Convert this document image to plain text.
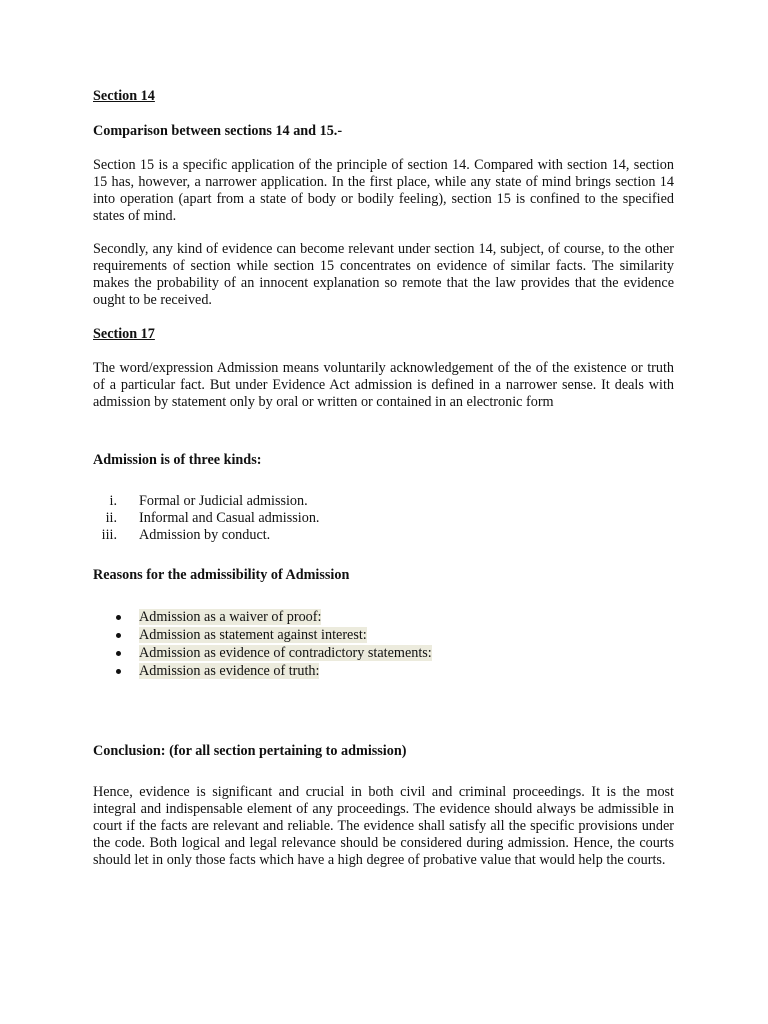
Section 14

Comparison between sections 14 and 15.-

Section 15 is a specific application of the principle of section 14. Compared with section 14, section 15 has, however, a narrower application. In the first place, while any state of mind brings section 14 into operation (apart from a state of body or bodily feeling), section 15 is confined to the specified states of mind.

Secondly, any kind of evidence can become relevant under section 14, subject, of course, to the other requirements of section while section 15 concentrates on evidence of similar facts. The similarity makes the probability of an innocent explanation so remote that the law provides that the evidence ought to be received.

Section 17

The word/expression Admission means voluntarily acknowledgement of the of the existence or truth of a particular fact. But under Evidence Act admission is defined in a narrower sense. It deals with admission by statement only by oral or written or contained in an electronic form

Admission is of three kinds:

i. Formal or Judicial admission.
ii. Informal and Casual admission.
iii. Admission by conduct.

Reasons for the admissibility of Admission

Admission as a waiver of proof:
Admission as statement against interest:
Admission as evidence of contradictory statements:
Admission as evidence of truth:

Conclusion: (for all section pertaining to admission)

Hence, evidence is significant and crucial in both civil and criminal proceedings. It is the most integral and indispensable element of any proceedings. The evidence should always be admissible in court if the facts are relevant and reliable. The evidence shall satisfy all the specific provisions under the code. Both logical and legal relevance should be considered during admission. Hence, the courts should let in only those facts which have a high degree of probative value that would help the courts.
